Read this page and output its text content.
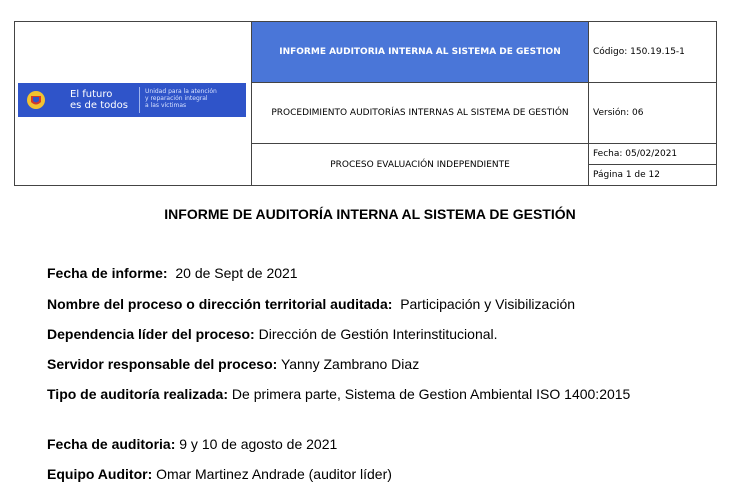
	INFORME AUDITORIA INTERNA AL SISTEMA DE GESTION	Código: 150.19.15-1
	PROCEDIMIENTO AUDITORÍAS INTERNAS AL SISTEMA DE GESTIÓN	Versión: 06
	PROCESO EVALUACIÓN INDEPENDIENTE	Fecha: 05/02/2021
Página 1 de 12
El futuro
es de todos
Unidad para la atención
y reparación integral
a las víctimas
INFORME DE AUDITORÍA INTERNA AL SISTEMA DE GESTIÓN
Fecha de informe: 20 de Sept de 2021
Nombre del proceso o dirección territorial auditada: Participación y Visibilización
Dependencia líder del proceso: Dirección de Gestión Interinstitucional.
Servidor responsable del proceso: Yanny Zambrano Diaz
Tipo de auditoría realizada: De primera parte, Sistema de Gestion Ambiental ISO 1400:2015
Fecha de auditoria: 9 y 10 de agosto de 2021
Equipo Auditor: Omar Martinez Andrade (auditor líder)
